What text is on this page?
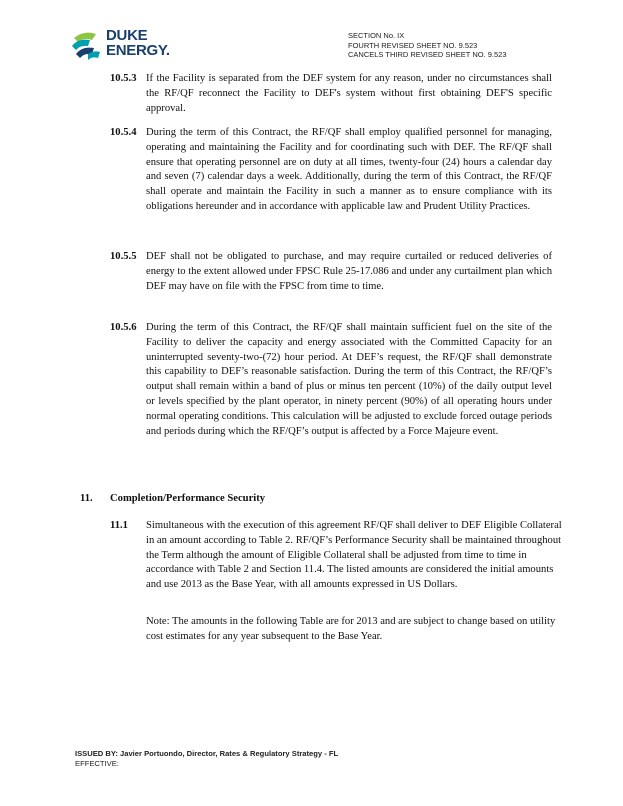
DUKE
ENERGY.
SECTION No. IX
FOURTH REVISED SHEET NO. 9.523
CANCELS THIRD REVISED SHEET NO. 9.523
10.5.3 If the Facility is separated from the DEF system for any reason, under no circumstances shall the RF/QF reconnect the Facility to DEF's system without first obtaining DEF'S specific approval.
10.5.4 During the term of this Contract, the RF/QF shall employ qualified personnel for managing, operating and maintaining the Facility and for coordinating such with DEF. The RF/QF shall ensure that operating personnel are on duty at all times, twenty-four (24) hours a calendar day and seven (7) calendar days a week. Additionally, during the term of this Contract, the RF/QF shall operate and maintain the Facility in such a manner as to ensure compliance with its obligations hereunder and in accordance with applicable law and Prudent Utility Practices.
10.5.5 DEF shall not be obligated to purchase, and may require curtailed or reduced deliveries of energy to the extent allowed under FPSC Rule 25-17.086 and under any curtailment plan which DEF may have on file with the FPSC from time to time.
10.5.6 During the term of this Contract, the RF/QF shall maintain sufficient fuel on the site of the Facility to deliver the capacity and energy associated with the Committed Capacity for an uninterrupted seventy-two-(72) hour period. At DEF’s request, the RF/QF shall demonstrate this capability to DEF’s reasonable satisfaction. During the term of this Contract, the RF/QF’s output shall remain within a band of plus or minus ten percent (10%) of the daily output level or levels specified by the plant operator, in ninety percent (90%) of all operating hours under normal operating conditions. This calculation will be adjusted to exclude forced outage periods and periods during which the RF/QF’s output is affected by a Force Majeure event.
11. Completion/Performance Security
11.1 Simultaneous with the execution of this agreement RF/QF shall deliver to DEF Eligible Collateral in an amount according to Table 2. RF/QF’s Performance Security shall be maintained throughout the Term although the amount of Eligible Collateral shall be adjusted from time to time in accordance with Table 2 and Section 11.4. The listed amounts are considered the initial amounts and use 2013 as the Base Year, with all amounts expressed in US Dollars.
Note: The amounts in the following Table are for 2013 and are subject to change based on utility cost estimates for any year subsequent to the Base Year.
ISSUED BY: Javier Portuondo, Director, Rates & Regulatory Strategy - FL
EFFECTIVE:
